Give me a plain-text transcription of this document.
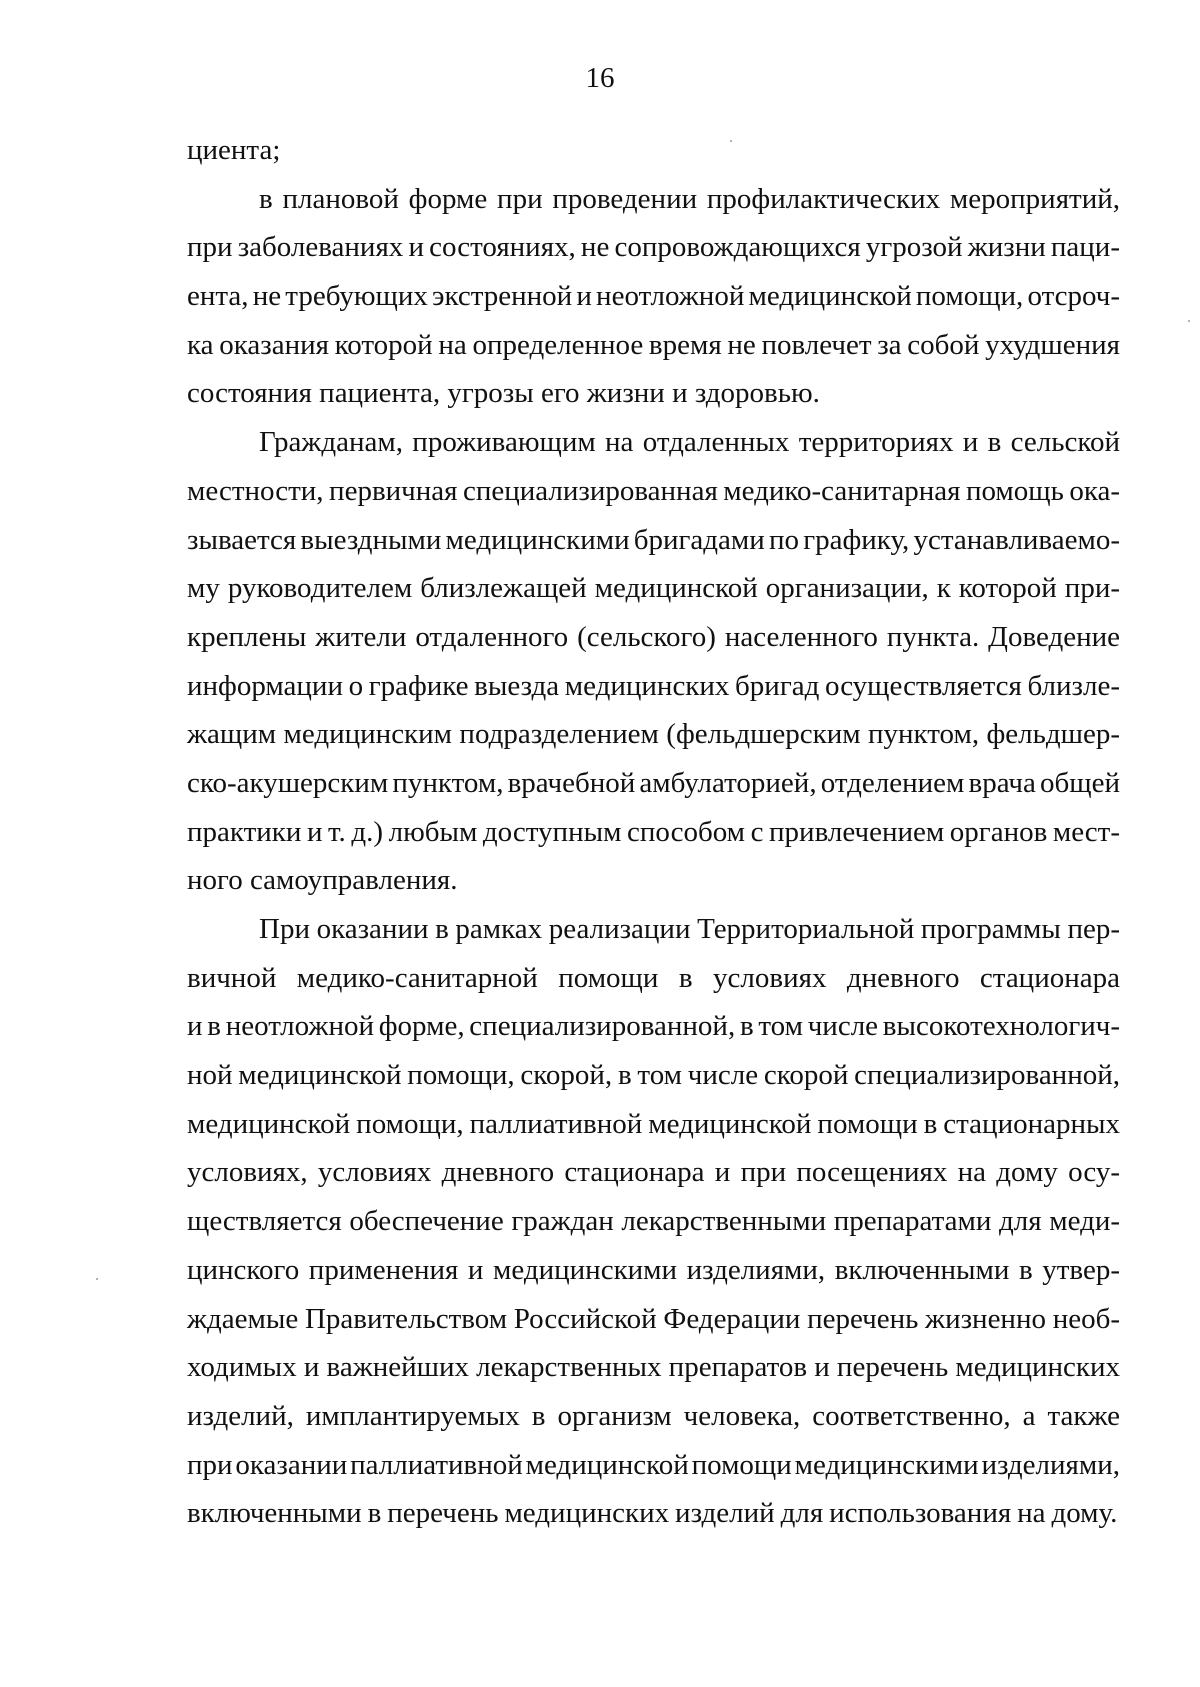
16
циента;
в плановой форме при проведении профилактических мероприятий,
при заболеваниях и состояниях, не сопровождающихся угрозой жизни паци-
ента, не требующих экстренной и неотложной медицинской помощи, отсроч-
ка оказания которой на определенное время не повлечет за собой ухудшения
состояния пациента, угрозы его жизни и здоровью.
Гражданам, проживающим на отдаленных территориях и в сельской
местности, первичная специализированная медико-санитарная помощь ока-
зывается выездными медицинскими бригадами по графику, устанавливаемо-
му руководителем близлежащей медицинской организации, к которой при-
креплены жители отдаленного (сельского) населенного пункта. Доведение
информации о графике выезда медицинских бригад осуществляется близле-
жащим медицинским подразделением (фельдшерским пунктом, фельдшер-
ско-акушерским пунктом, врачебной амбулаторией, отделением врача общей
практики и т. д.) любым доступным способом с привлечением органов мест-
ного самоуправления.
При оказании в рамках реализации Территориальной программы пер-
вичной медико-санитарной помощи в условиях дневного стационара
и в неотложной форме, специализированной, в том числе высокотехнологич-
ной медицинской помощи, скорой, в том числе скорой специализированной,
медицинской помощи, паллиативной медицинской помощи в стационарных
условиях, условиях дневного стационара и при посещениях на дому осу-
ществляется обеспечение граждан лекарственными препаратами для меди-
цинского применения и медицинскими изделиями, включенными в утвер-
ждаемые Правительством Российской Федерации перечень жизненно необ-
ходимых и важнейших лекарственных препаратов и перечень медицинских
изделий, имплантируемых в организм человека, соответственно, а также
при оказании паллиативной медицинской помощи медицинскими изделиями,
включенными в перечень медицинских изделий для использования на дому.
